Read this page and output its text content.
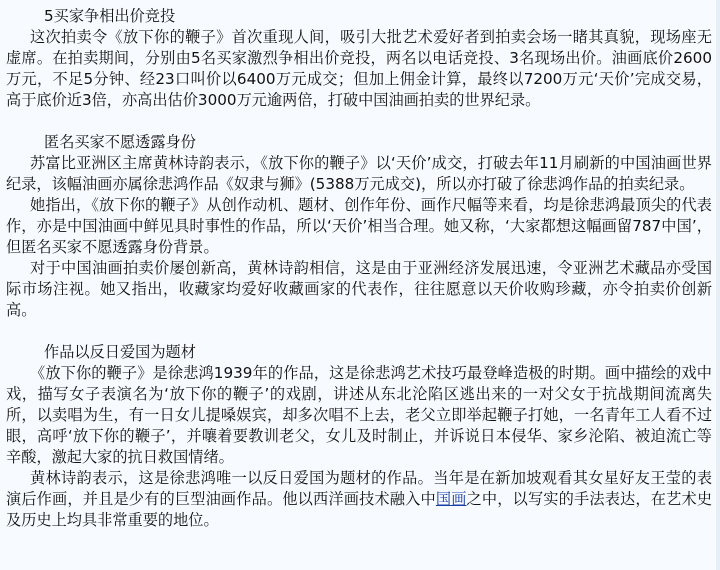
5买家争相出价竞投

这次拍卖令《放下你的鞭子》首次重现人间，吸引大批艺术爱好者到拍卖会场一睹其真貌，现场座无虚席。在拍卖期间，分别由5名买家激烈争相出价竞投，两名以电话竞投、3名现场出价。油画底价2600万元，不足5分钟、经23口叫价以6400万元成交；但加上佣金计算，最终以7200万元‘天价’完成交易，高于底价近3倍，亦高出估价3000万元逾两倍，打破中国油画拍卖的世界纪录。

匿名买家不愿透露身份

苏富比亚洲区主席黄林诗韵表示，《放下你的鞭子》以‘天价’成交，打破去年11月刷新的中国油画世界纪录，该幅油画亦属徐悲鸿作品《奴隶与狮》(5388万元成交)，所以亦打破了徐悲鸿作品的拍卖纪录。

她指出，《放下你的鞭子》从创作动机、题材、创作年份、画作尺幅等来看，均是徐悲鸿最顶尖的代表作，亦是中国油画中鲜见具时事性的作品，所以‘天价’相当合理。她又称，‘大家都想这幅画留787中国’，但匿名买家不愿透露身份背景。

对于中国油画拍卖价屡创新高，黄林诗韵相信，这是由于亚洲经济发展迅速，令亚洲艺术藏品亦受国际市场注视。她又指出，收藏家均爱好收藏画家的代表作，往往愿意以天价收购珍藏，亦令拍卖价创新高。

作品以反日爱国为题材

《放下你的鞭子》是徐悲鸿1939年的作品，这是徐悲鸿艺术技巧最登峰造极的时期。画中描绘的戏中戏，描写女子表演名为‘放下你的鞭子’的戏剧，讲述从东北沦陷区逃出来的一对父女于抗战期间流离失所，以卖唱为生，有一日女儿提嗓娱宾，却多次唱不上去，老父立即举起鞭子打她，一名青年工人看不过眼，高呼‘放下你的鞭子’，并嚷着要教训老父，女儿及时制止，并诉说日本侵华、家乡沦陷、被迫流亡等辛酸，激起大家的抗日救国情绪。

黄林诗韵表示，这是徐悲鸿唯一以反日爱国为题材的作品。当年是在新加坡观看其女星好友王莹的表演后作画，并且是少有的巨型油画作品。他以西洋画技术融入中国画之中，以写实的手法表达，在艺术史及历史上均具非常重要的地位。
